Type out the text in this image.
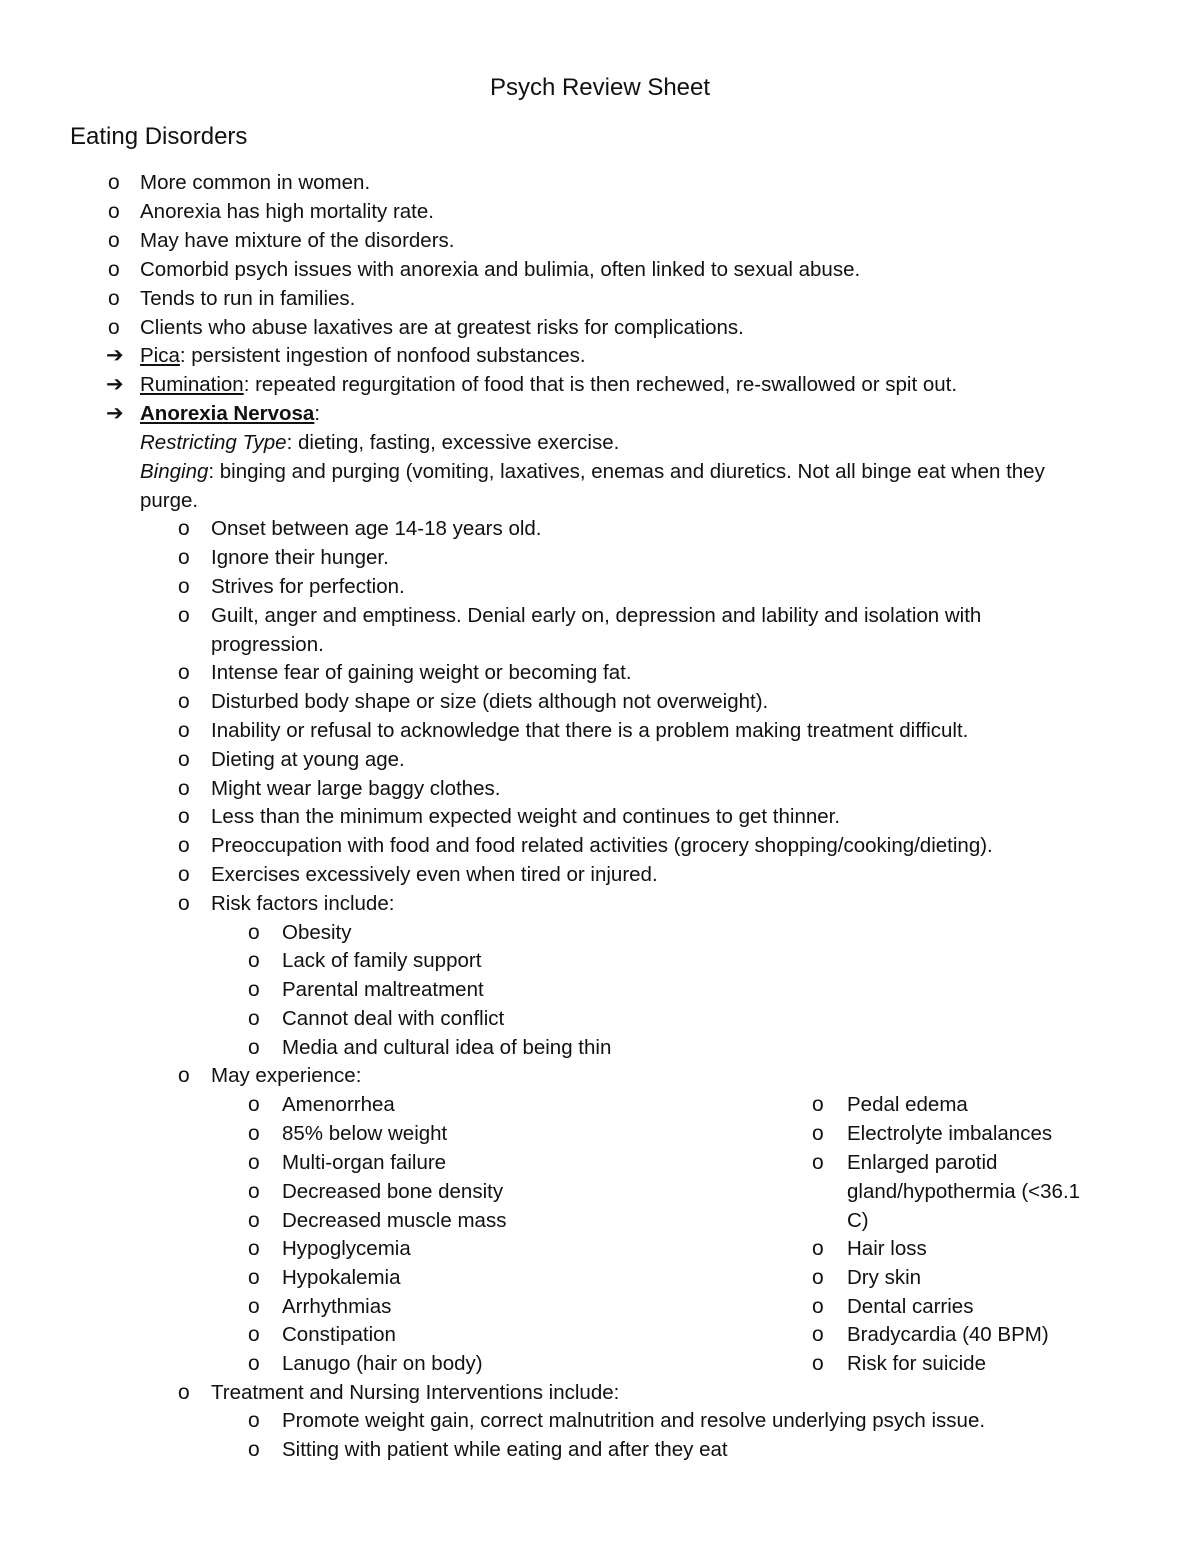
Psych Review Sheet
Eating Disorders
o More common in women.
o Anorexia has high mortality rate.
o May have mixture of the disorders.
o Comorbid psych issues with anorexia and bulimia, often linked to sexual abuse.
o Tends to run in families.
o Clients who abuse laxatives are at greatest risks for complications.
➔ Pica: persistent ingestion of nonfood substances.
➔ Rumination: repeated regurgitation of food that is then rechewed, re-swallowed or spit out.
➔ Anorexia Nervosa:
Restricting Type: dieting, fasting, excessive exercise.
Binging: binging and purging (vomiting, laxatives, enemas and diuretics. Not all binge eat when they
purge.
o Onset between age 14-18 years old.
o Ignore their hunger.
o Strives for perfection.
o Guilt, anger and emptiness. Denial early on, depression and lability and isolation with
progression.
o Intense fear of gaining weight or becoming fat.
o Disturbed body shape or size (diets although not overweight).
o Inability or refusal to acknowledge that there is a problem making treatment difficult.
o Dieting at young age.
o Might wear large baggy clothes.
o Less than the minimum expected weight and continues to get thinner.
o Preoccupation with food and food related activities (grocery shopping/cooking/dieting).
o Exercises excessively even when tired or injured.
o Risk factors include:
o Obesity
o Lack of family support
o Parental maltreatment
o Cannot deal with conflict
o Media and cultural idea of being thin
o May experience:
o Amenorrhea
o 85% below weight
o Multi-organ failure
o Decreased bone density
o Decreased muscle mass
o Hypoglycemia
o Hypokalemia
o Arrhythmias
o Constipation
o Lanugo (hair on body)
o Pedal edema
o Electrolyte imbalances
o Enlarged parotid
gland/hypothermia (<36.1
C)
o Hair loss
o Dry skin
o Dental carries
o Bradycardia (40 BPM)
o Risk for suicide
o Treatment and Nursing Interventions include:
o Promote weight gain, correct malnutrition and resolve underlying psych issue.
o Sitting with patient while eating and after they eat
